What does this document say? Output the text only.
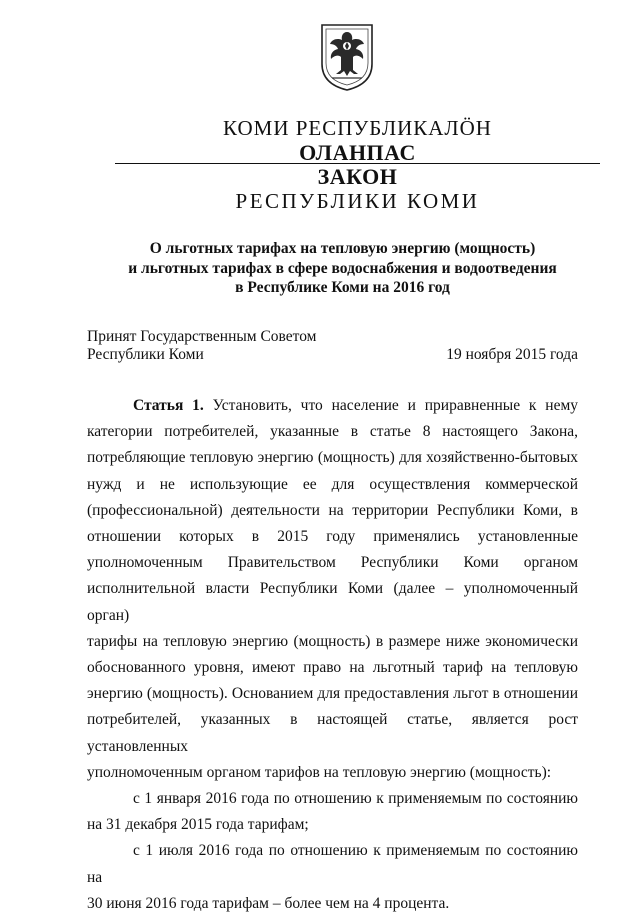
КОМИ РЕСПУБЛИКАЛÖН
ОЛАНПАС
ЗАКОН
РЕСПУБЛИКИ КОМИ
О льготных тарифах на тепловую энергию (мощность)
и льготных тарифах в сфере водоснабжения и водоотведения
в Республике Коми на 2016 год
Принят Государственным Советом
Республики Коми	19 ноября 2015 года
Статья 1. Установить, что население и приравненные к нему
категории потребителей, указанные в статье 8 настоящего Закона,
потребляющие тепловую энергию (мощность) для хозяйственно-бытовых
нужд и не использующие ее для осуществления коммерческой
(профессиональной) деятельности на территории Республики Коми, в
отношении которых в 2015 году применялись установленные
уполномоченным Правительством Республики Коми органом
исполнительной власти Республики Коми (далее – уполномоченный орган)
тарифы на тепловую энергию (мощность) в размере ниже экономически
обоснованного уровня, имеют право на льготный тариф на тепловую
энергию (мощность). Основанием для предоставления льгот в отношении
потребителей, указанных в настоящей статье, является рост установленных
уполномоченным органом тарифов на тепловую энергию (мощность):
с 1 января 2016 года по отношению к применяемым по состоянию
на 31 декабря 2015 года тарифам;
с 1 июля 2016 года по отношению к применяемым по состоянию на
30 июня 2016 года тарифам – более чем на 4 процента.
